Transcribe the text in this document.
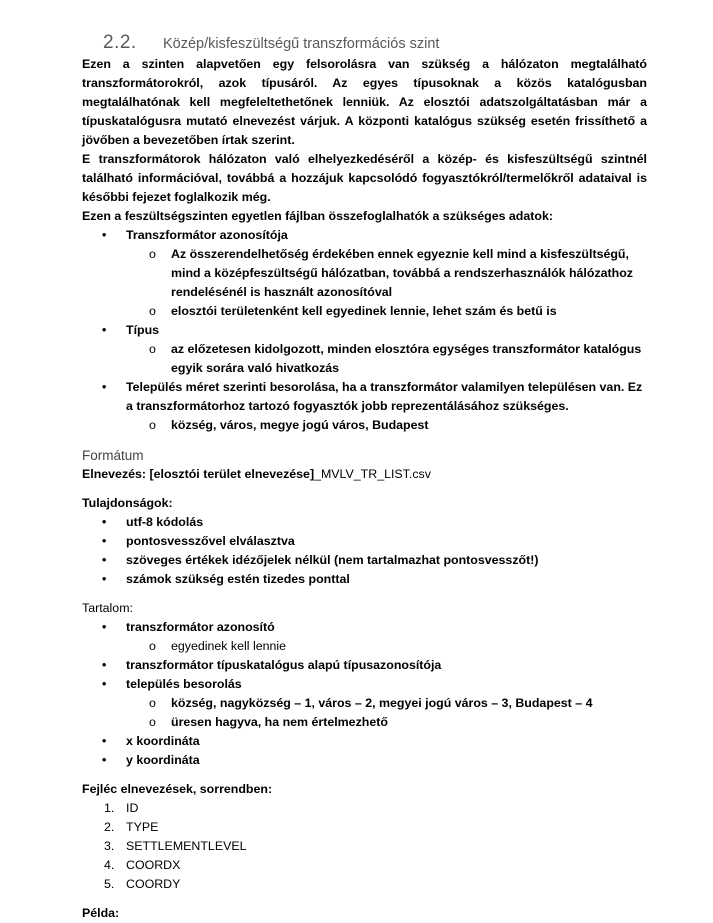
2.2.	Közép/kisfeszültségű transzformációs szint

Ezen a szinten alapvetően egy felsorolásra van szükség a hálózaton megtalálható transzformátorokról, azok típusáról. Az egyes típusoknak a közös katalógusban megtalálhatónak kell megfeleltethetőnek lenniük. Az elosztói adatszolgáltatásban már a típuskatalógusra mutató elnevezést várjuk. A központi katalógus szükség esetén frissíthető a jövőben a bevezetőben írtak szerint.

E transzformátorok hálózaton való elhelyezkedéséről a közép- és kisfeszültségű szintnél található információval, továbbá a hozzájuk kapcsolódó fogyasztókról/termelőkről adataival is későbbi fejezet foglalkozik még.

Ezen a feszültségszinten egyetlen fájlban összefoglalhatók a szükséges adatok:

• Transzformátor azonosítója
o Az összerendelhetőség érdekében ennek egyeznie kell mind a kisfeszültségű, mind a középfeszültségű hálózatban, továbbá a rendszerhasználók hálózathoz rendelésénél is használt azonosítóval
o elosztói területenként kell egyedinek lennie, lehet szám és betű is
• Típus
o az előzetesen kidolgozott, minden elosztóra egységes transzformátor katalógus egyik sorára való hivatkozás
• Település méret szerinti besorolása, ha a transzformátor valamilyen településen van. Ez a transzformátorhoz tartozó fogyasztók jobb reprezentálásához szükséges.
o község, város, megye jogú város, Budapest
Formátum
Elnevezés: [elosztói terület elnevezése]_MVLV_TR_LIST.csv
Tulajdonságok:
• utf-8 kódolás
• pontosvesszővel elválasztva
• szöveges értékek idézőjelek nélkül (nem tartalmazhat pontosvesszőt!)
• számok szükség estén tizedes ponttal
Tartalom:
• transzformátor azonosító
o egyedinek kell lennie
• transzformátor típuskatalógus alapú típusazonosítója
• település besorolás
o község, nagyközség – 1, város – 2, megyei jogú város – 3, Budapest – 4
o üresen hagyva, ha nem értelmezhető
• x koordináta
• y koordináta
Fejléc elnevezések, sorrendben:
1. ID
2. TYPE
3. SETTLEMENTLEVEL
4. COORDX
5. COORDY
Példa:
